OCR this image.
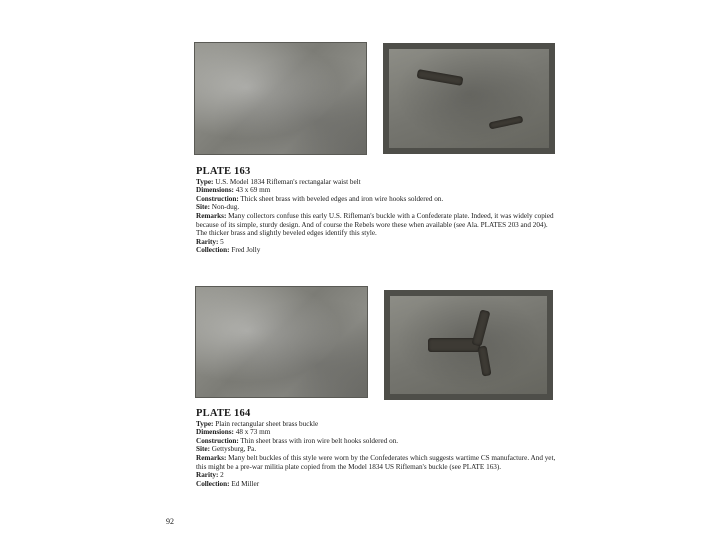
PLATE 163
Type: U.S. Model 1834 Rifleman's rectangalar waist belt
Dimensions: 43 x 69 mm
Construction: Thick sheet brass with beveled edges and iron wire hooks soldered on.
Site: Non-dug.
Remarks: Many collectors confuse this early U.S. Rifleman's buckle with a Confederate plate. Indeed, it was widely copied because of its simple, sturdy design. And of course the Rebels wore these when available (see Ala. PLATES 203 and 204). The thicker brass and slightly beveled edges identify this style.
Rarity: 5
Collection: Fred Jolly
PLATE 164
Type: Plain rectangular sheet brass buckle
Dimensions: 48 x 73 mm
Construction: Thin sheet brass with iron wire belt hooks soldered on.
Site: Gettysburg, Pa.
Remarks: Many belt buckles of this style were worn by the Confederates which suggests wartime CS manufacture. And yet, this might be a pre-war militia plate copied from the Model 1834 US Rifleman's buckle (see PLATE 163).
Rarity: 2
Collection: Ed Miller
92
